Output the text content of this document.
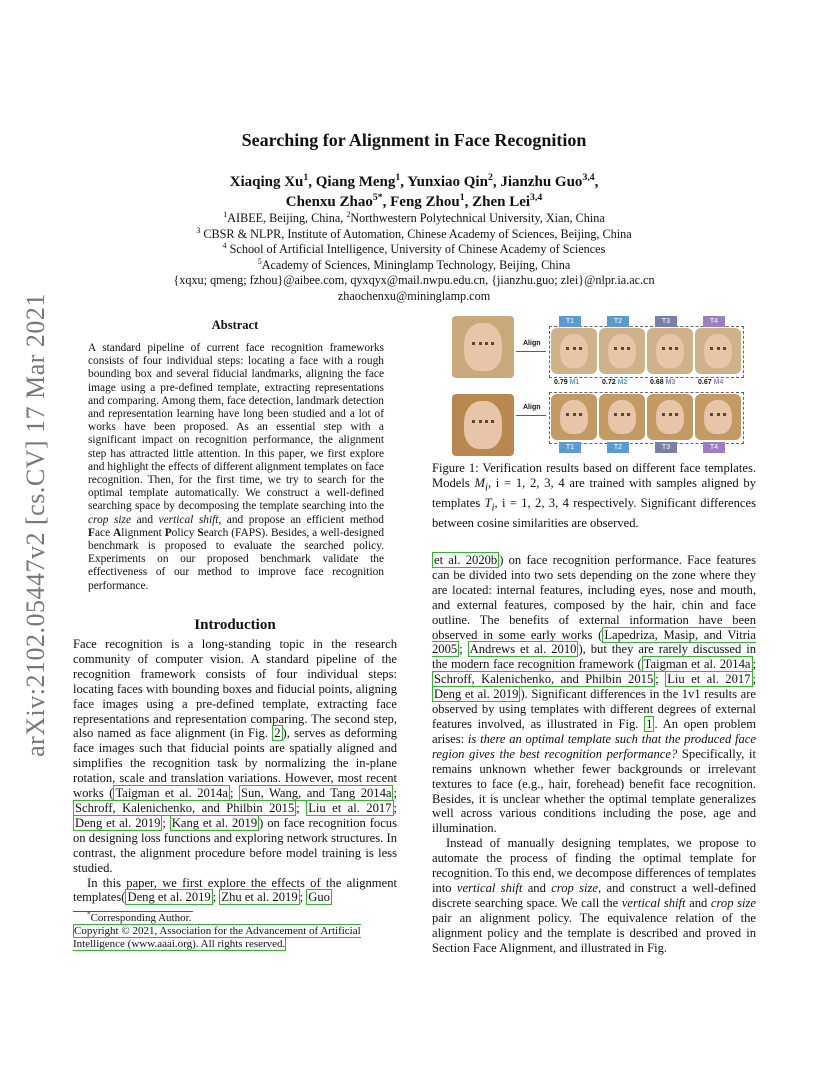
arXiv:2102.05447v2 [cs.CV] 17 Mar 2021
Searching for Alignment in Face Recognition
Xiaqing Xu$^1$, Qiang Meng$^1$, Yunxiao Qin$^2$, Jianzhu Guo$^{3,4}$,
Chenxu Zhao$^{5*}$, Feng Zhou$^1$, Zhen Lei$^{3,4}$
$^1$AIBEE, Beijing, China, $^2$Northwestern Polytechnical University, Xian, China
$^3$ CBSR & NLPR, Institute of Automation, Chinese Academy of Sciences, Beijing, China
$^4$ School of Artificial Intelligence, University of Chinese Academy of Sciences
$^5$Academy of Sciences, Mininglamp Technology, Beijing, China
{xqxu; qmeng; fzhou}@aibee.com, qyxqyx@mail.nwpu.edu.cn, {jianzhu.guo; zlei}@nlpr.ia.ac.cn
zhaochenxu@mininglamp.com
Abstract
A standard pipeline of current face recognition frameworks consists of four individual steps: locating a face with a rough bounding box and several fiducial landmarks, aligning the face image using a pre-defined template, extracting representations and comparing. Among them, face detection, landmark detection and representation learning have long been studied and a lot of works have been proposed. As an essential step with a significant impact on recognition performance, the alignment step has attracted little attention. In this paper, we first explore and highlight the effects of different alignment templates on face recognition. Then, for the first time, we try to search for the optimal template automatically. We construct a well-defined searching space by decomposing the template searching into the crop size and vertical shift, and propose an efficient method Face Alignment Policy Search (FAPS). Besides, a well-designed benchmark is proposed to evaluate the searched policy. Experiments on our proposed benchmark validate the effectiveness of our method to improve face recognition performance.
Introduction

Face recognition is a long-standing topic in the research community of computer vision. A standard pipeline of the recognition framework consists of four individual steps: locating faces with bounding boxes and fiducial points, aligning face images using a pre-defined template, extracting face representations and representation comparing. The second step, also named as face alignment (in Fig. 2 ), serves as deforming face images such that fiducial points are spatially aligned and simplifies the recognition task by normalizing the in-plane rotation, scale and translation variations. However, most recent works ( Taigman et al. 2014a ; Sun, Wang, and Tang 2014a ; Schroff, Kalenichenko, and Philbin 2015 ; Liu et al. 2017 ; Deng et al. 2019 ; Kang et al. 2019 ) on face recognition focus on designing loss functions and exploring network structures. In contrast, the alignment procedure before model training is less studied.

In this paper, we first explore the effects of the alignment templates( Deng et al. 2019 ; Zhu et al. 2019 ; Guo

*Corresponding Author.
Copyright © 2021, Association for the Advancement of Artificial Intelligence (www.aaai.org). All rights reserved.
Align
Align
T1	T2	T3	T4
0.79 M1	0.72 M2	0.68 M3	0.67 M4
T1	T2	T3	T4
Figure 1: Verification results based on different face templates. Models $M_i$, i = 1, 2, 3, 4 are trained with samples aligned by templates $T_i$, i = 1, 2, 3, 4 respectively. Significant differences between cosine similarities are observed.

et al. 2020b ) on face recognition performance. Face features can be divided into two sets depending on the zone where they are located: internal features, including eyes, nose and mouth, and external features, composed by the hair, chin and face outline. The benefits of external information have been observed in some early works ( Lapedriza, Masip, and Vitria 2005 ; Andrews et al. 2010 ), but they are rarely discussed in the modern face recognition framework ( Taigman et al. 2014a ; Schroff, Kalenichenko, and Philbin 2015 ; Liu et al. 2017 ; Deng et al. 2019 ). Significant differences in the 1v1 results are observed by using templates with different degrees of external features involved, as illustrated in Fig. 1 . An open problem arises: is there an optimal template such that the produced face region gives the best recognition performance? Specifically, it remains unknown whether fewer backgrounds or irrelevant textures to face (e.g., hair, forehead) benefit face recognition. Besides, it is unclear whether the optimal template generalizes well across various conditions including the pose, age and illumination.

Instead of manually designing templates, we propose to automate the process of finding the optimal template for recognition. To this end, we decompose differences of templates into vertical shift and crop size, and construct a well-defined discrete searching space. We call the vertical shift and crop size pair an alignment policy. The equivalence relation of the alignment policy and the template is described and proved in Section Face Alignment, and illustrated in Fig.
